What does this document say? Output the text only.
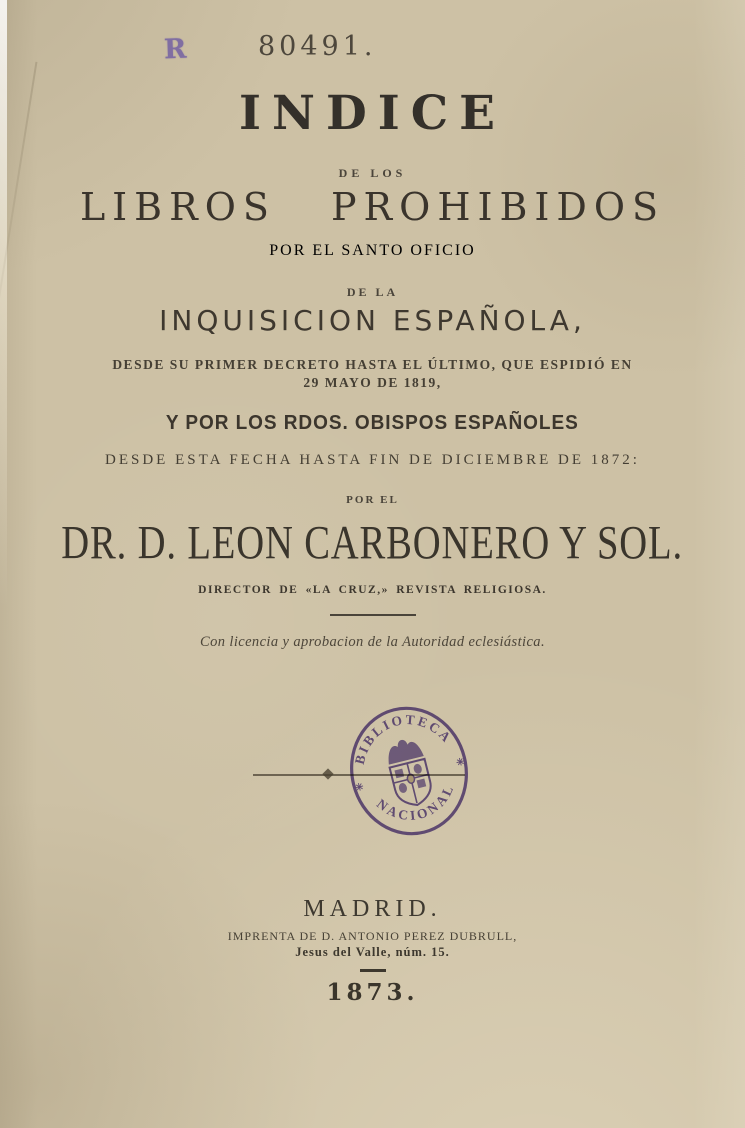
R	80491.
INDICE
DE LOS
LIBROS PROHIBIDOS
POR EL SANTO OFICIO
DE LA
INQUISICION ESPAÑOLA,
DESDE SU PRIMER DECRETO HASTA EL ÚLTIMO, QUE ESPIDIÓ EN
29 MAYO DE 1819,
Y POR LOS RDOS. OBISPOS ESPAÑOLES
DESDE ESTA FECHA HASTA FIN DE DICIEMBRE DE 1872:
POR EL
DR. D. LEON CARBONERO Y SOL.
DIRECTOR DE «LA CRUZ,» REVISTA RELIGIOSA.
Con licencia y aprobacion de la Autoridad eclesiástica.
BIBLIOTECA
NACIONAL
✳
✳
MADRID.
IMPRENTA DE D. ANTONIO PEREZ DUBRULL,
Jesus del Valle, núm. 15.
1873.
